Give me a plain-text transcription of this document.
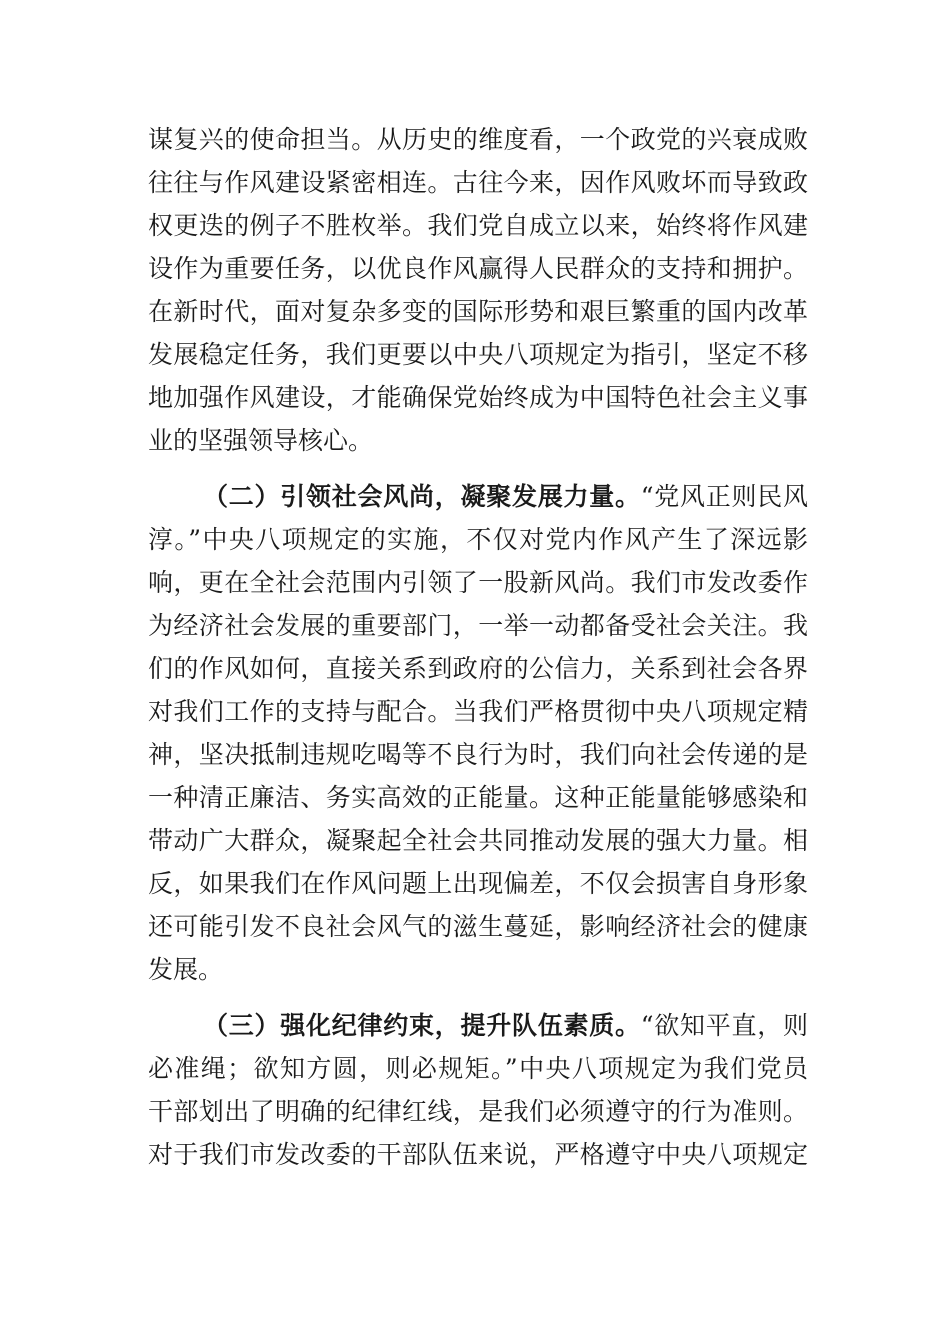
谋复兴的使命担当。从历史的维度看，一个政党的兴衰成败
往往与作风建设紧密相连。古往今来，因作风败坏而导致政
权更迭的例子不胜枚举。我们党自成立以来，始终将作风建
设作为重要任务，以优良作风赢得人民群众的支持和拥护。
在新时代，面对复杂多变的国际形势和艰巨繁重的国内改革
发展稳定任务，我们更要以中央八项规定为指引，坚定不移
地加强作风建设，才能确保党始终成为中国特色社会主义事
业的坚强领导核心。
（二）引领社会风尚，凝聚发展力量。“党风正则民风
淳。”中央八项规定的实施，不仅对党内作风产生了深远影
响，更在全社会范围内引领了一股新风尚。我们市发改委作
为经济社会发展的重要部门，一举一动都备受社会关注。我
们的作风如何，直接关系到政府的公信力，关系到社会各界
对我们工作的支持与配合。当我们严格贯彻中央八项规定精
神，坚决抵制违规吃喝等不良行为时，我们向社会传递的是
一种清正廉洁、务实高效的正能量。这种正能量能够感染和
带动广大群众，凝聚起全社会共同推动发展的强大力量。相
反，如果我们在作风问题上出现偏差，不仅会损害自身形象
还可能引发不良社会风气的滋生蔓延，影响经济社会的健康
发展。
（三）强化纪律约束，提升队伍素质。“欲知平直，则
必准绳；欲知方圆，则必规矩。”中央八项规定为我们党员
干部划出了明确的纪律红线，是我们必须遵守的行为准则。
对于我们市发改委的干部队伍来说，严格遵守中央八项规定
